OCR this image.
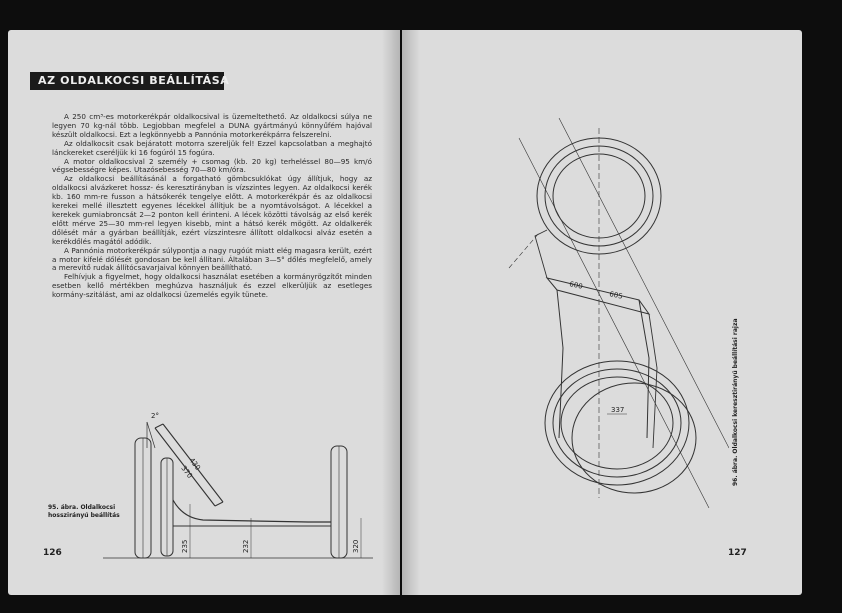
AZ OLDALKOCSI BEÁLLÍTÁSA

A 250 cm³-es motorkerékpár oldalkocsival is üzemeltethető. Az oldalkocsi súlya ne legyen 70 kg-nál több. Legjobban megfelel a DUNA gyártmányú könnyűfém hajóval készült oldalkocsi. Ezt a legkönnyebb a Pannónia motorkerékpárra felszerelni.

Az oldalkocsit csak bejáratott motorra szereljük fel! Ezzel kapcsolatban a meghajtó lánckereket cseréljük ki 16 fogúról 15 fogúra.

A motor oldalkocsival 2 személy + csomag (kb. 20 kg) terheléssel 80—95 km/ó végsebességre képes. Utazósebesség 70—80 km/óra.

Az oldalkocsi beállításánál a forgatható gömbcsuklókat úgy állítjuk, hogy az oldalkocsi alvázkeret hossz- és keresztirányban is vízszintes legyen. Az oldalkocsi kerék kb. 160 mm-re fusson a hátsókerék tengelye előtt. A motorkerékpár és az oldalkocsi kerekei mellé illesztett egyenes lécekkel állítjuk be a nyomtávolságot. A lécekkel a kerekek gumiabroncsát 2—2 ponton kell érinteni. A lécek közötti távolság az első kerék előtt mérve 25—30 mm-rel legyen kisebb, mint a hátsó kerék mögött. Az oldalkerék dőlését már a gyárban beállítják, ezért vízszintesre állított oldalkocsi alváz esetén a kerékdőlés magától adódik.

A Pannónia motorkerékpár súlypontja a nagy rugóút miatt elég magasra került, ezért a motor kifelé dőlését gondosan be kell állítani. Általában 3—5° dőlés megfelelő, amely a merevítő rudak állítócsavarjaival könnyen beállítható.

Felhívjuk a figyelmet, hogy oldalkocsi használat esetében a kormányrögzítőt minden esetben kellő mértékben meghúzva használjuk és ezzel elkerüljük az esetleges kormány-szitálást, ami az oldalkocsi üzemelés egyik tünete.

2°
430
370
235	232	320
95. ábra. Oldalkocsi
hosszirányú beállítás
126
600
605
337	96. ábra. Oldalkocsi keresztirányú beállítási rajza
127
